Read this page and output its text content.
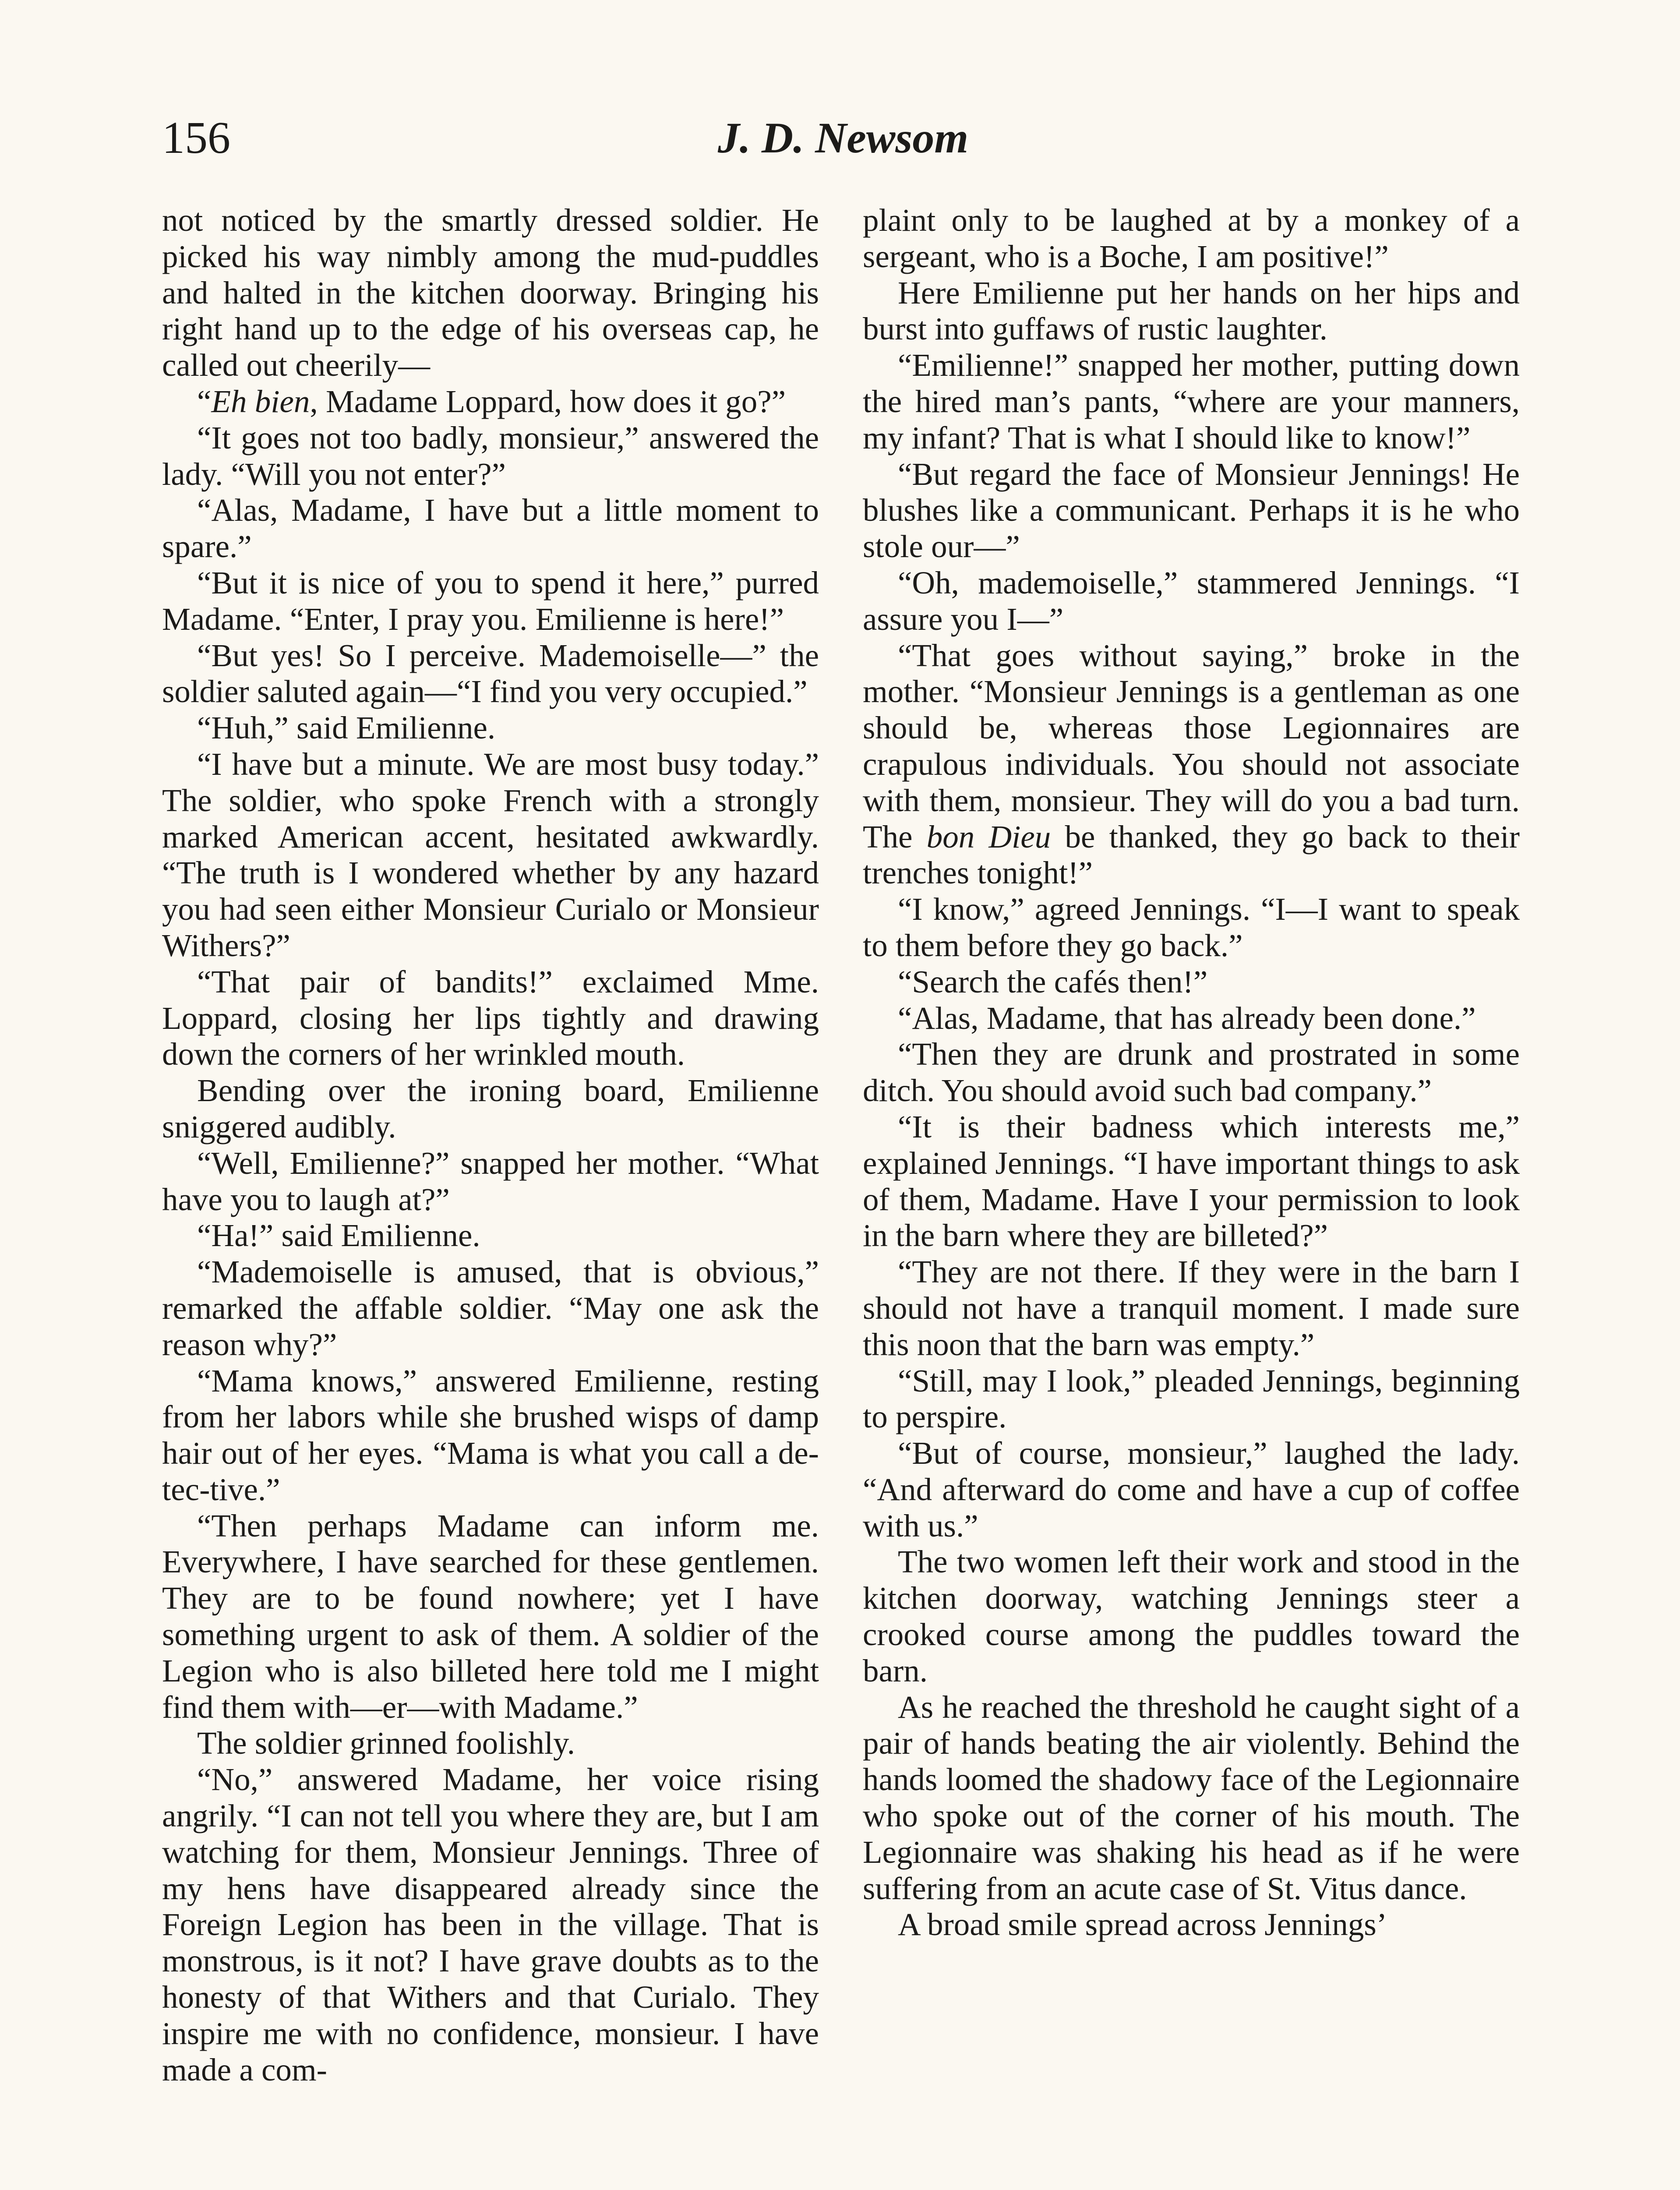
156	J. D. Newsom

not noticed by the smartly dressed soldier. He picked his way nimbly among the mud-puddles and halted in the kitchen doorway. Bringing his right hand up to the edge of his overseas cap, he called out cheerily—

“Eh bien, Madame Loppard, how does it go?”

“It goes not too badly, monsieur,” answered the lady. “Will you not enter?”

“Alas, Madame, I have but a little moment to spare.”

“But it is nice of you to spend it here,” purred Madame. “Enter, I pray you. Emilienne is here!”

“But yes! So I perceive. Mademoiselle—” the soldier saluted again—“I find you very occupied.”

“Huh,” said Emilienne.

“I have but a minute. We are most busy today.” The soldier, who spoke French with a strongly marked American accent, hesitated awkwardly. “The truth is I wondered whether by any hazard you had seen either Monsieur Curialo or Monsieur Withers?”

“That pair of bandits!” exclaimed Mme. Loppard, closing her lips tightly and drawing down the corners of her wrinkled mouth.

Bending over the ironing board, Emilienne sniggered audibly.

“Well, Emilienne?” snapped her mother. “What have you to laugh at?”

“Ha!” said Emilienne.

“Mademoiselle is amused, that is obvious,” remarked the affable soldier. “May one ask the reason why?”

“Mama knows,” answered Emilienne, resting from her labors while she brushed wisps of damp hair out of her eyes. “Mama is what you call a de-tec-tive.”

“Then perhaps Madame can inform me. Everywhere, I have searched for these gentlemen. They are to be found nowhere; yet I have something urgent to ask of them. A soldier of the Legion who is also billeted here told me I might find them with—er—with Madame.”

The soldier grinned foolishly.

“No,” answered Madame, her voice rising angrily. “I can not tell you where they are, but I am watching for them, Monsieur Jennings. Three of my hens have disappeared already since the Foreign Legion has been in the village. That is monstrous, is it not? I have grave doubts as to the honesty of that Withers and that Curialo. They inspire me with no confidence, monsieur. I have made a com-

plaint only to be laughed at by a monkey of a sergeant, who is a Boche, I am positive!”

Here Emilienne put her hands on her hips and burst into guffaws of rustic laughter.

“Emilienne!” snapped her mother, putting down the hired man’s pants, “where are your manners, my infant? That is what I should like to know!”

“But regard the face of Monsieur Jennings! He blushes like a communicant. Perhaps it is he who stole our—”

“Oh, mademoiselle,” stammered Jennings. “I assure you I—”

“That goes without saying,” broke in the mother. “Monsieur Jennings is a gentleman as one should be, whereas those Legionnaires are crapulous individuals. You should not associate with them, monsieur. They will do you a bad turn. The bon Dieu be thanked, they go back to their trenches tonight!”

“I know,” agreed Jennings. “I—I want to speak to them before they go back.”

“Search the cafés then!”

“Alas, Madame, that has already been done.”

“Then they are drunk and prostrated in some ditch. You should avoid such bad company.”

“It is their badness which interests me,” explained Jennings. “I have important things to ask of them, Madame. Have I your permission to look in the barn where they are billeted?”

“They are not there. If they were in the barn I should not have a tranquil moment. I made sure this noon that the barn was empty.”

“Still, may I look,” pleaded Jennings, beginning to perspire.

“But of course, monsieur,” laughed the lady. “And afterward do come and have a cup of coffee with us.”

The two women left their work and stood in the kitchen doorway, watching Jennings steer a crooked course among the puddles toward the barn.

As he reached the threshold he caught sight of a pair of hands beating the air violently. Behind the hands loomed the shadowy face of the Legionnaire who spoke out of the corner of his mouth. The Legionnaire was shaking his head as if he were suffering from an acute case of St. Vitus dance.

A broad smile spread across Jennings’
